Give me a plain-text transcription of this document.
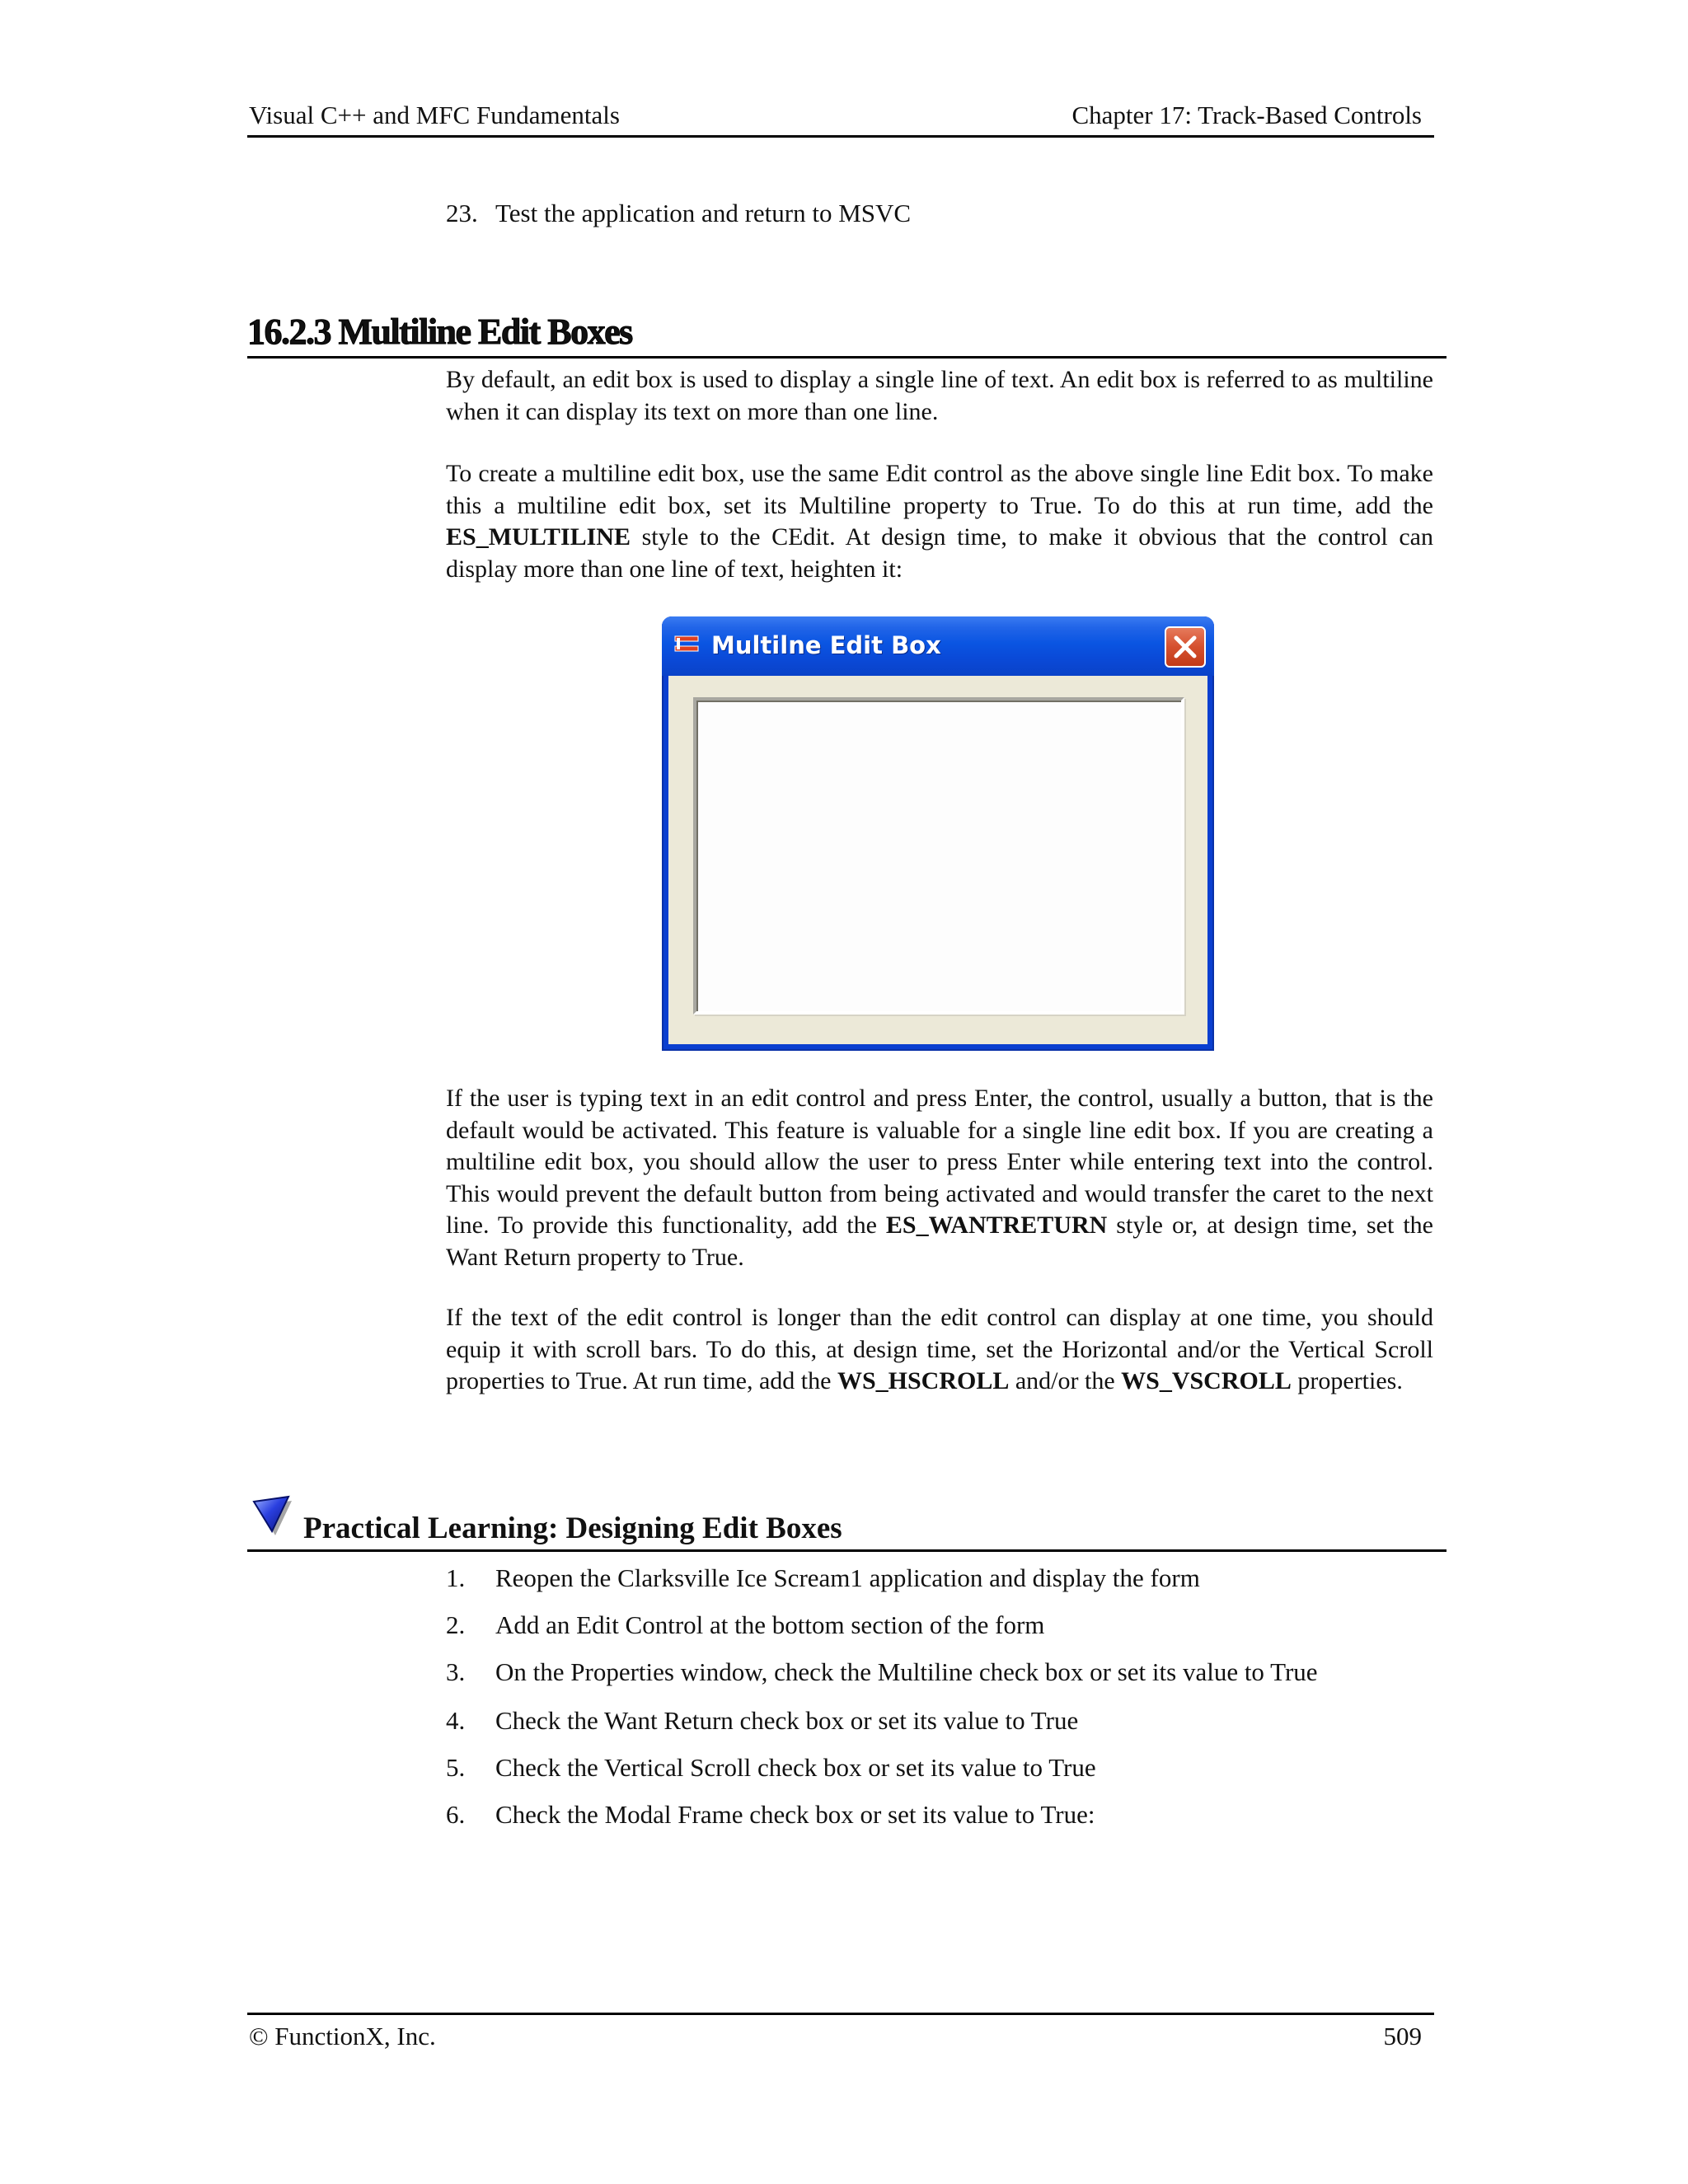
Visual C++ and MFC Fundamentals	Chapter 17: Track-Based Controls
23. Test the application and return to MSVC
16.2.3 Multiline Edit Boxes
By default, an edit box is used to display a single line of text. An edit box is referred to as multiline when it can display its text on more than one line.
To create a multiline edit box, use the same Edit control as the above single line Edit box. To make this a multiline edit box, set its Multiline property to True. To do this at run time, add the ES_MULTILINE style to the CEdit. At design time, to make it obvious that the control can display more than one line of text, heighten it:
Multilne Edit Box
If the user is typing text in an edit control and press Enter, the control, usually a button, that is the default would be activated. This feature is valuable for a single line edit box. If you are creating a multiline edit box, you should allow the user to press Enter while entering text into the control. This would prevent the default button from being activated and would transfer the caret to the next line. To provide this functionality, add the ES_WANTRETURN style or, at design time, set the Want Return property to True.
If the text of the edit control is longer than the edit control can display at one time, you should equip it with scroll bars. To do this, at design time, set the Horizontal and/or the Vertical Scroll properties to True. At run time, add the WS_HSCROLL and/or the WS_VSCROLL properties.
Practical Learning: Designing Edit Boxes
1. Reopen the Clarksville Ice Scream1 application and display the form
2. Add an Edit Control at the bottom section of the form
3. On the Properties window, check the Multiline check box or set its value to True
4. Check the Want Return check box or set its value to True
5. Check the Vertical Scroll check box or set its value to True
6. Check the Modal Frame check box or set its value to True:
© FunctionX, Inc.	509
